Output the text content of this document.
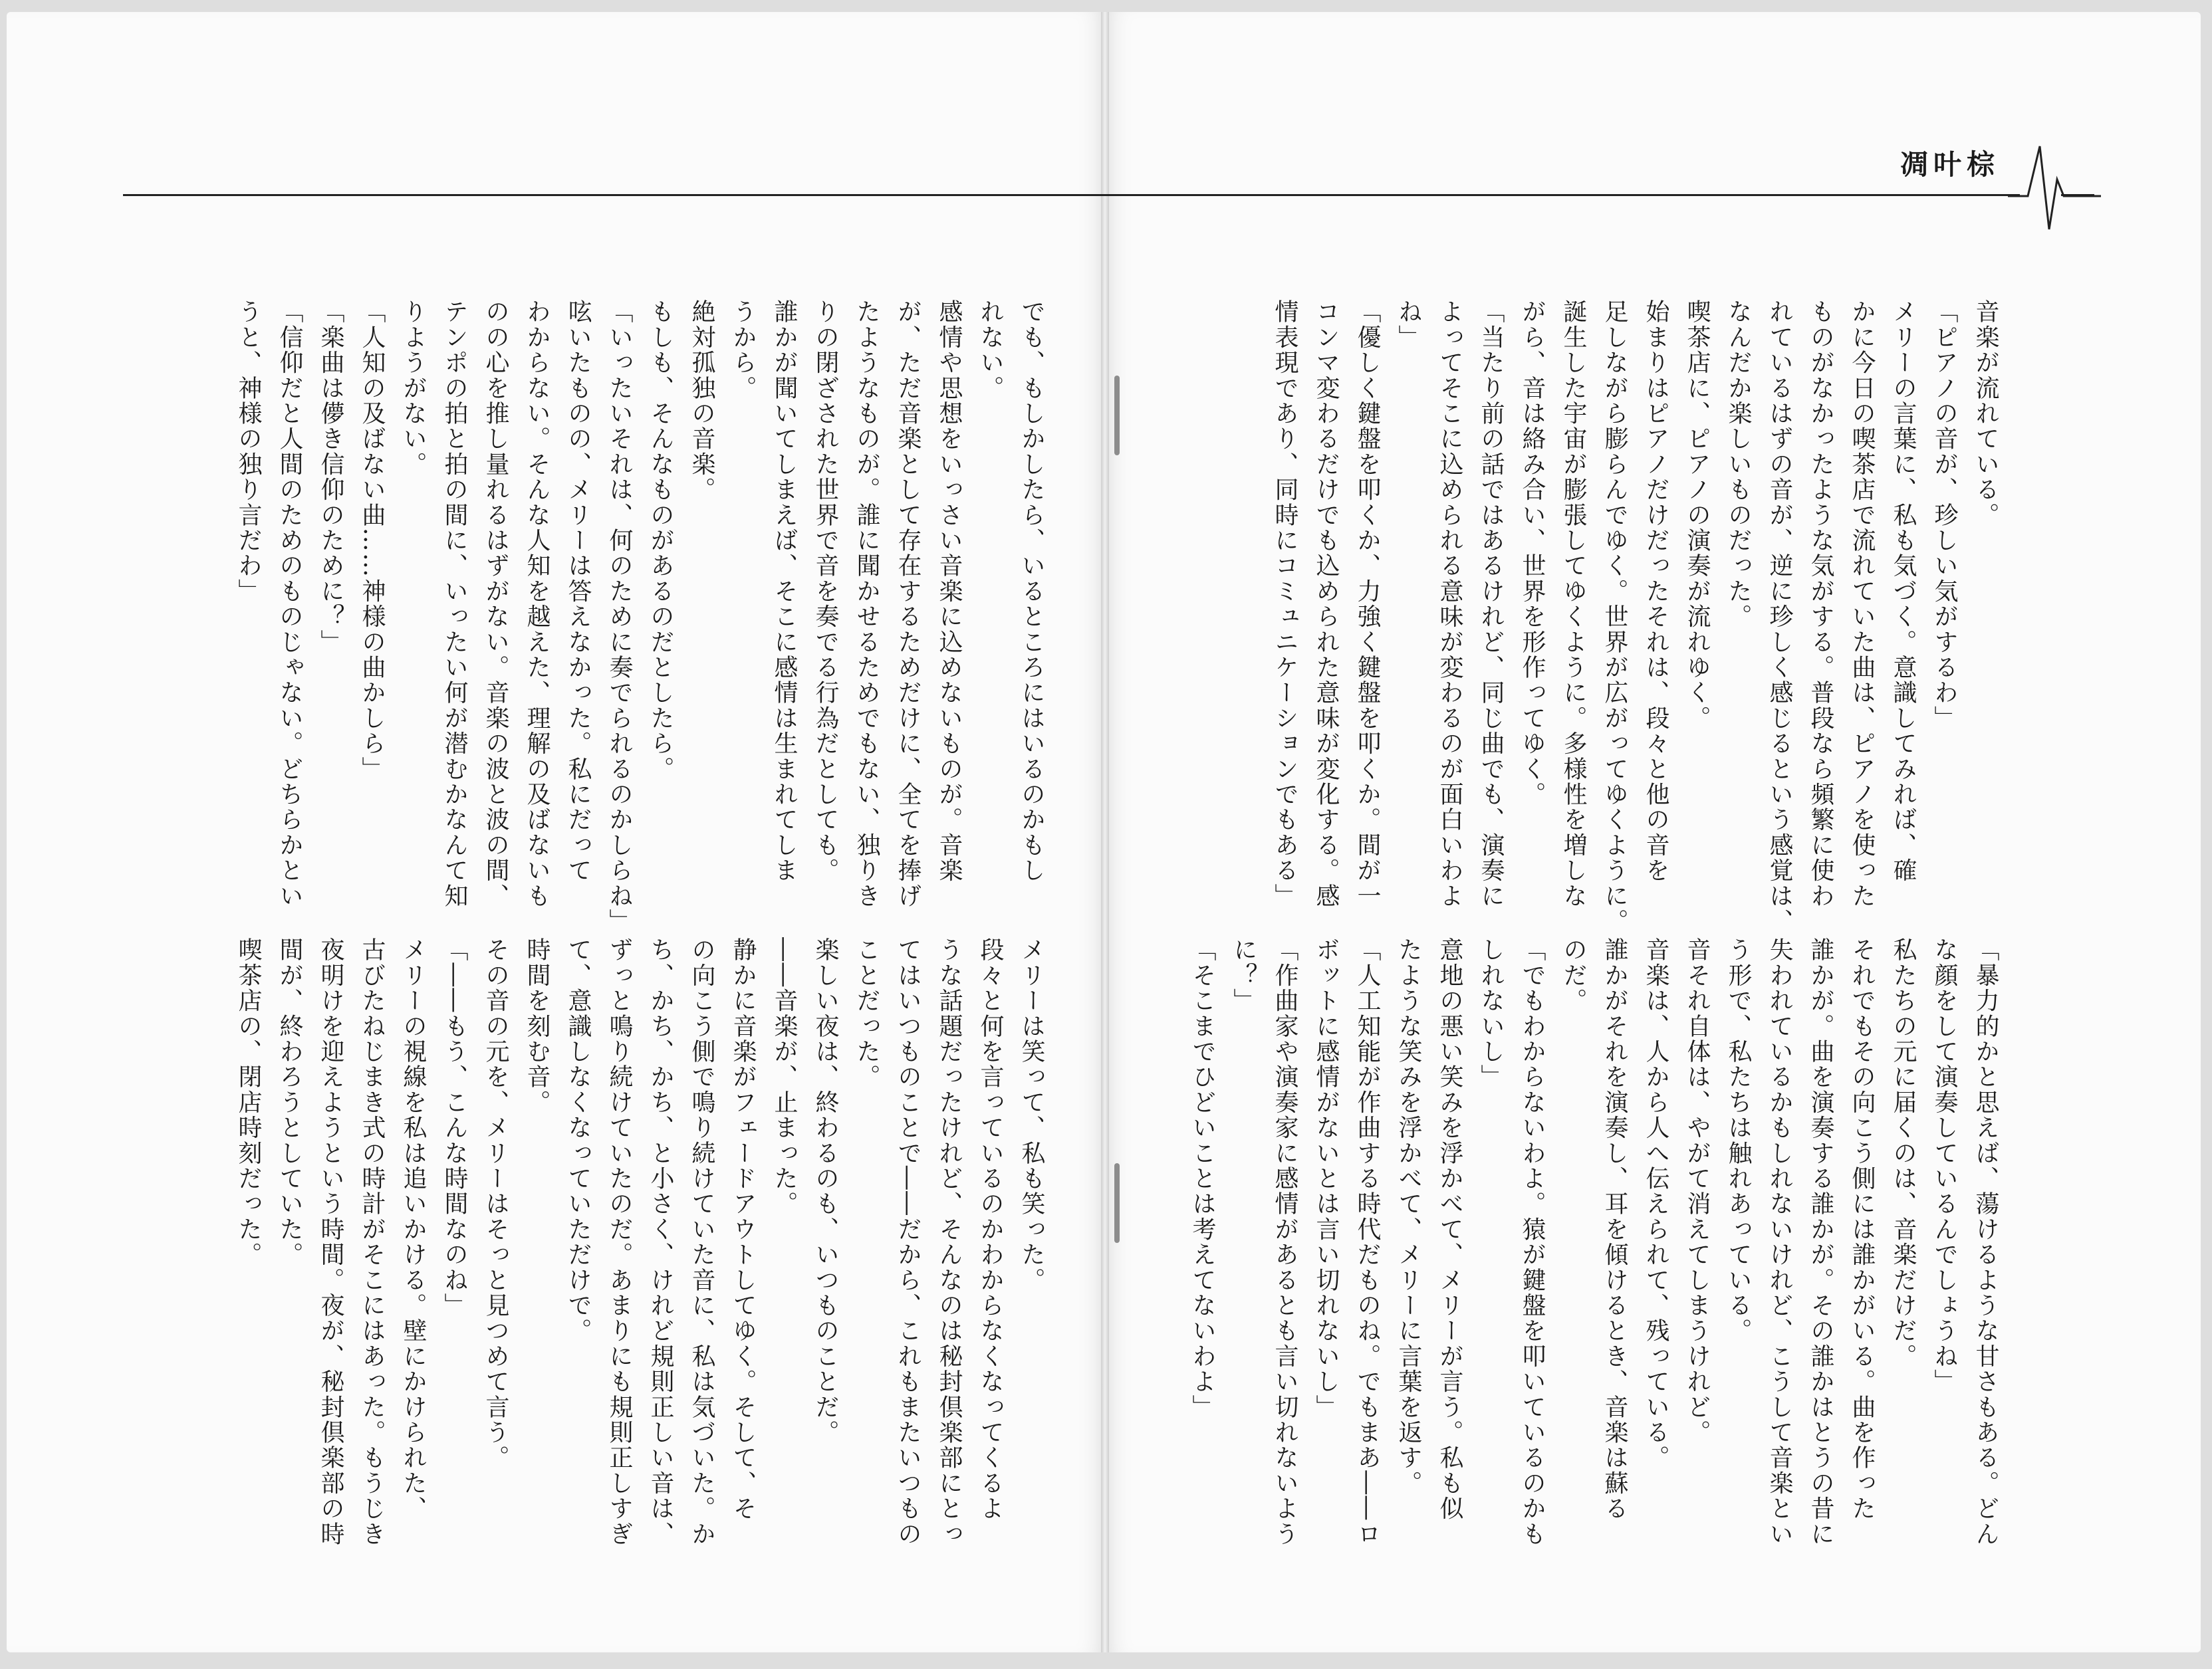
凋叶棕
音楽が流れている。
「ピアノの音が、珍しい気がするわ」
メリーの言葉に、私も気づく。意識してみれば、確
かに今日の喫茶店で流れていた曲は、ピアノを使った
ものがなかったような気がする。普段なら頻繁に使わ
れているはずの音が、逆に珍しく感じるという感覚は、
なんだか楽しいものだった。
喫茶店に、ピアノの演奏が流れゆく。
始まりはピアノだけだったそれは、段々と他の音を
足しながら膨らんでゆく。世界が広がってゆくように。
誕生した宇宙が膨張してゆくように。多様性を増しな
がら、音は絡み合い、世界を形作ってゆく。
「当たり前の話ではあるけれど、同じ曲でも、演奏に
よってそこに込められる意味が変わるのが面白いわよ
ね」
「優しく鍵盤を叩くか、力強く鍵盤を叩くか。間が一
コンマ変わるだけでも込められた意味が変化する。感
情表現であり、同時にコミュニケーションでもある」
「暴力的かと思えば、蕩けるような甘さもある。どん
な顔をして演奏しているんでしょうね」
私たちの元に届くのは、音楽だけだ。
それでもその向こう側には誰かがいる。曲を作った
誰かが。曲を演奏する誰かが。その誰かはとうの昔に
失われているかもしれないけれど、こうして音楽とい
う形で、私たちは触れあっている。
音それ自体は、やがて消えてしまうけれど。
音楽は、人から人へ伝えられて、残っている。
誰かがそれを演奏し、耳を傾けるとき、音楽は蘇る
のだ。
「でもわからないわよ。猿が鍵盤を叩いているのかも
しれないし」
意地の悪い笑みを浮かべて、メリーが言う。私も似
たような笑みを浮かべて、メリーに言葉を返す。
「人工知能が作曲する時代だものね。でもまあ――ロ
ボットに感情がないとは言い切れないし」
「作曲家や演奏家に感情があるとも言い切れないよう
に？」
「そこまでひどいことは考えてないわよ」
でも、もしかしたら、いるところにはいるのかもし
れない。
感情や思想をいっさい音楽に込めないものが。音楽
が、ただ音楽として存在するためだけに、全てを捧げ
たようなものが。誰に聞かせるためでもない、独りき
りの閉ざされた世界で音を奏でる行為だとしても。
誰かが聞いてしまえば、そこに感情は生まれてしま
うから。
絶対孤独の音楽。
もしも、そんなものがあるのだとしたら。
「いったいそれは、何のために奏でられるのかしらね」
呟いたものの、メリーは答えなかった。私にだって
わからない。そんな人知を越えた、理解の及ばないも
のの心を推し量れるはずがない。音楽の波と波の間、
テンポの拍と拍の間に、いったい何が潜むかなんて知
りようがない。
「人知の及ばない曲……神様の曲かしら」
「楽曲は儚き信仰のために？」
「信仰だと人間のためのものじゃない。どちらかとい
うと、神様の独り言だわ」
メリーは笑って、私も笑った。
段々と何を言っているのかわからなくなってくるよ
うな話題だったけれど、そんなのは秘封倶楽部にとっ
てはいつものことで――だから、これもまたいつもの
ことだった。
楽しい夜は、終わるのも、いつものことだ。
――音楽が、止まった。
静かに音楽がフェードアウトしてゆく。そして、そ
の向こう側で鳴り続けていた音に、私は気づいた。か
ち、かち、かち、と小さく、けれど規則正しい音は、
ずっと鳴り続けていたのだ。あまりにも規則正しすぎ
て、意識しなくなっていただけで。
時間を刻む音。
その音の元を、メリーはそっと見つめて言う。
「――もう、こんな時間なのね」
メリーの視線を私は追いかける。壁にかけられた、
古びたねじまき式の時計がそこにはあった。もうじき
夜明けを迎えようという時間。夜が、秘封倶楽部の時
間が、終わろうとしていた。
喫茶店の、閉店時刻だった。
